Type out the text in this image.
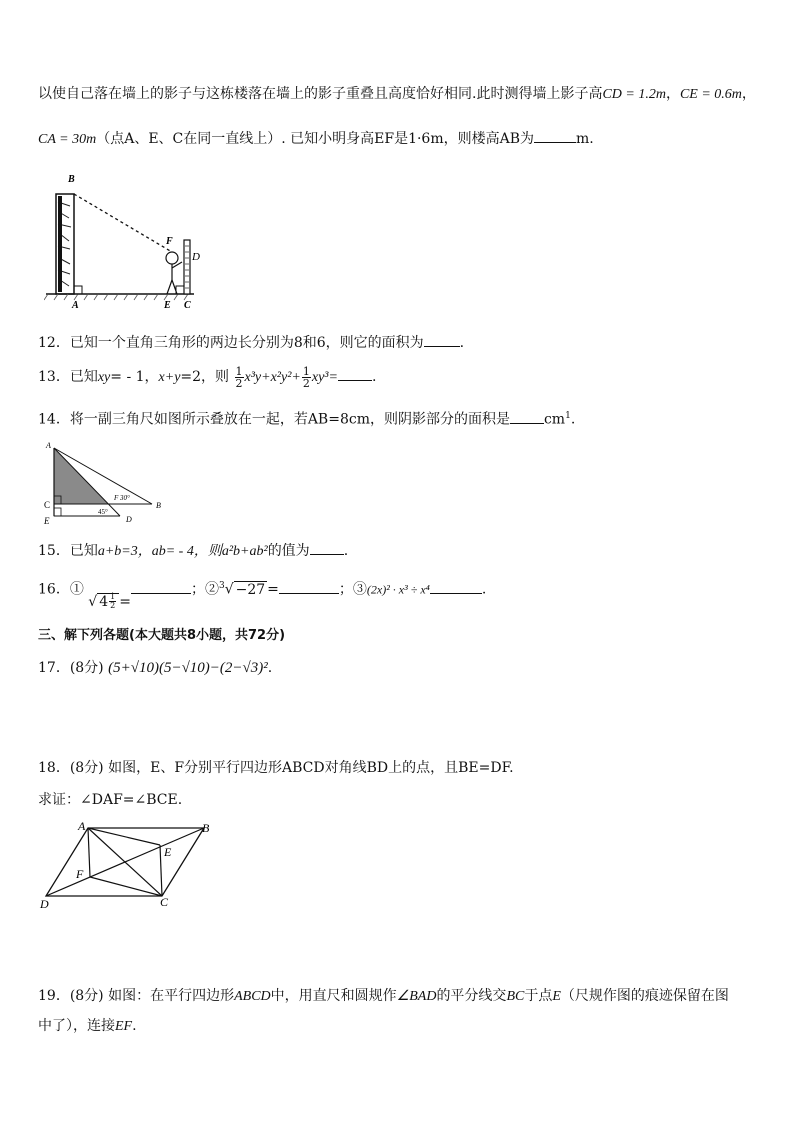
以使自己落在墙上的影子与这栋楼落在墙上的影子重叠且高度恰好相同.此时测得墙上影子高CD = 1.2m，CE = 0.6m，
CA = 30m（点A、E、C在同一直线上）. 已知小明身高EF是1·6m，则楼高AB为	m.
B
F
D
A	E C
12．已知一个直角三角形的两边长分别为8和6，则它的面积为	.
13．已知xy= - 1，x+y=2，则 $\frac{1}{2} x^3y+x^2y^2+ \frac{1}{2} xy^3=$ .
14．将一副三角尺如图所示叠放在一起，若AB=8cm，则阴影部分的面积是 $cm^1$.
A
C
E
F 30°
B
45°
D
15．已知a+b=3，ab= - 4，则a²b+ab²的值为 .
16．① √ $4 \frac{1}{2}$ =；②$^3$√ −27 =	；③(2x)² · x³ ÷ x⁴	.
三、解下列各题(本大题共8小题，共72分)
17．(8分) (5+√10)(5−√10)−(2−√3)².
18．(8分) 如图，E、F分别平行四边形ABCD对角线BD上的点，且BE=DF.
求证：∠DAF=∠BCE.
A	B
E
F
D	C
19．(8分) 如图：在平行四边形ABCD中，用直尺和圆规作∠BAD的平分线交BC于点E（尺规作图的痕迹保留在图
中了），连接EF.
